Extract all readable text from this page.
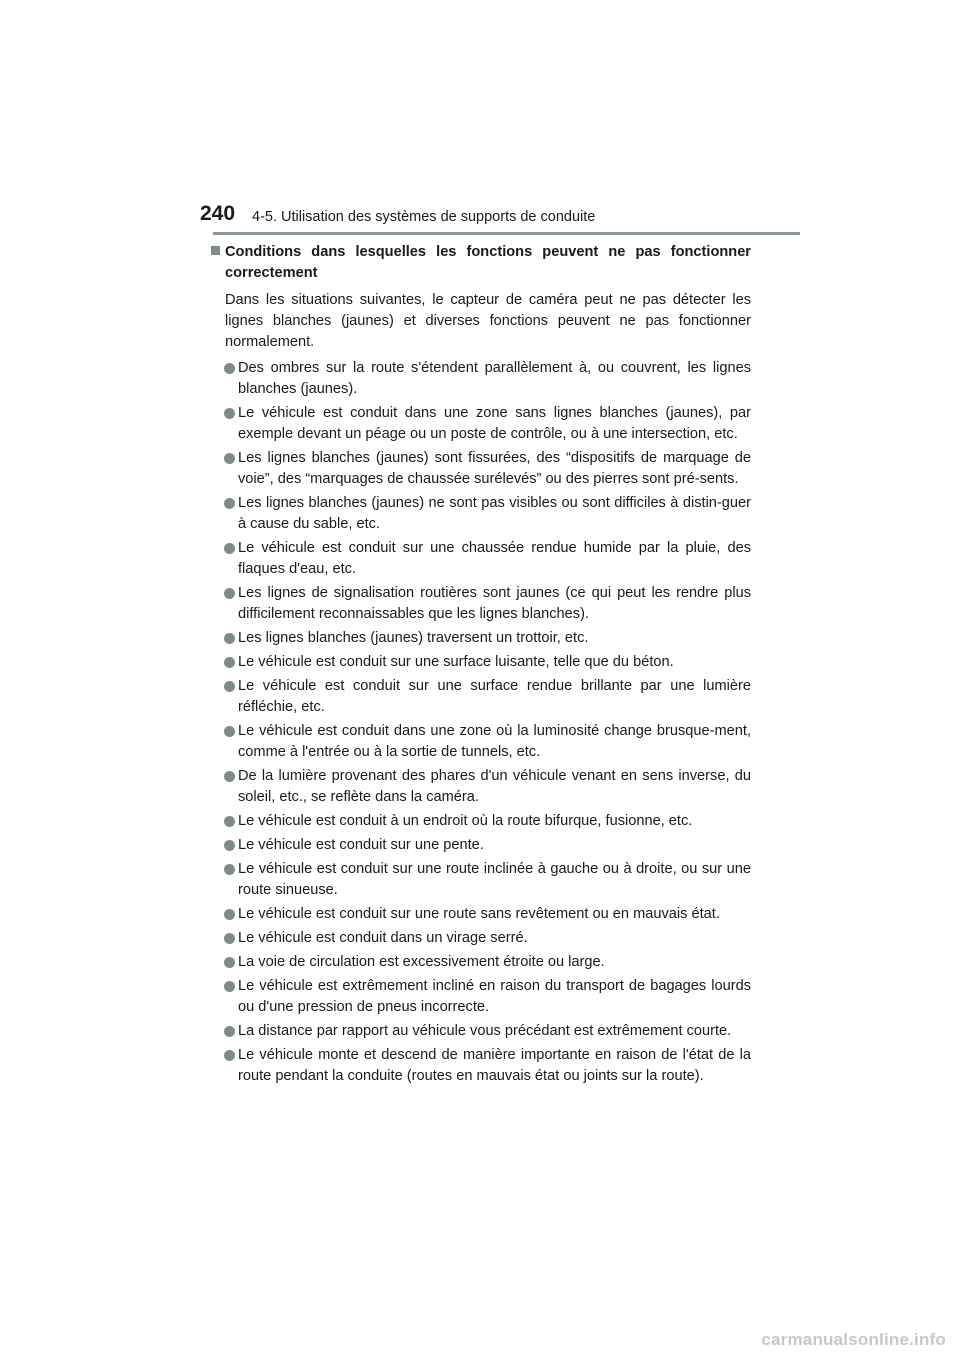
240 4-5. Utilisation des systèmes de supports de conduite
Conditions dans lesquelles les fonctions peuvent ne pas fonctionner correctement
Dans les situations suivantes, le capteur de caméra peut ne pas détecter les lignes blanches (jaunes) et diverses fonctions peuvent ne pas fonctionner normalement.
Des ombres sur la route s'étendent parallèlement à, ou couvrent, les lignes blanches (jaunes).
Le véhicule est conduit dans une zone sans lignes blanches (jaunes), par exemple devant un péage ou un poste de contrôle, ou à une intersection, etc.
Les lignes blanches (jaunes) sont fissurées, des “dispositifs de marquage de voie”, des “marquages de chaussée surélevés” ou des pierres sont pré-sents.
Les lignes blanches (jaunes) ne sont pas visibles ou sont difficiles à distin-guer à cause du sable, etc.
Le véhicule est conduit sur une chaussée rendue humide par la pluie, des flaques d'eau, etc.
Les lignes de signalisation routières sont jaunes (ce qui peut les rendre plus difficilement reconnaissables que les lignes blanches).
Les lignes blanches (jaunes) traversent un trottoir, etc.
Le véhicule est conduit sur une surface luisante, telle que du béton.
Le véhicule est conduit sur une surface rendue brillante par une lumière réfléchie, etc.
Le véhicule est conduit dans une zone où la luminosité change brusque-ment, comme à l'entrée ou à la sortie de tunnels, etc.
De la lumière provenant des phares d'un véhicule venant en sens inverse, du soleil, etc., se reflète dans la caméra.
Le véhicule est conduit à un endroit où la route bifurque, fusionne, etc.
Le véhicule est conduit sur une pente.
Le véhicule est conduit sur une route inclinée à gauche ou à droite, ou sur une route sinueuse.
Le véhicule est conduit sur une route sans revêtement ou en mauvais état.
Le véhicule est conduit dans un virage serré.
La voie de circulation est excessivement étroite ou large.
Le véhicule est extrêmement incliné en raison du transport de bagages lourds ou d'une pression de pneus incorrecte.
La distance par rapport au véhicule vous précédant est extrêmement courte.
Le véhicule monte et descend de manière importante en raison de l'état de la route pendant la conduite (routes en mauvais état ou joints sur la route).
carmanualsonline.info
